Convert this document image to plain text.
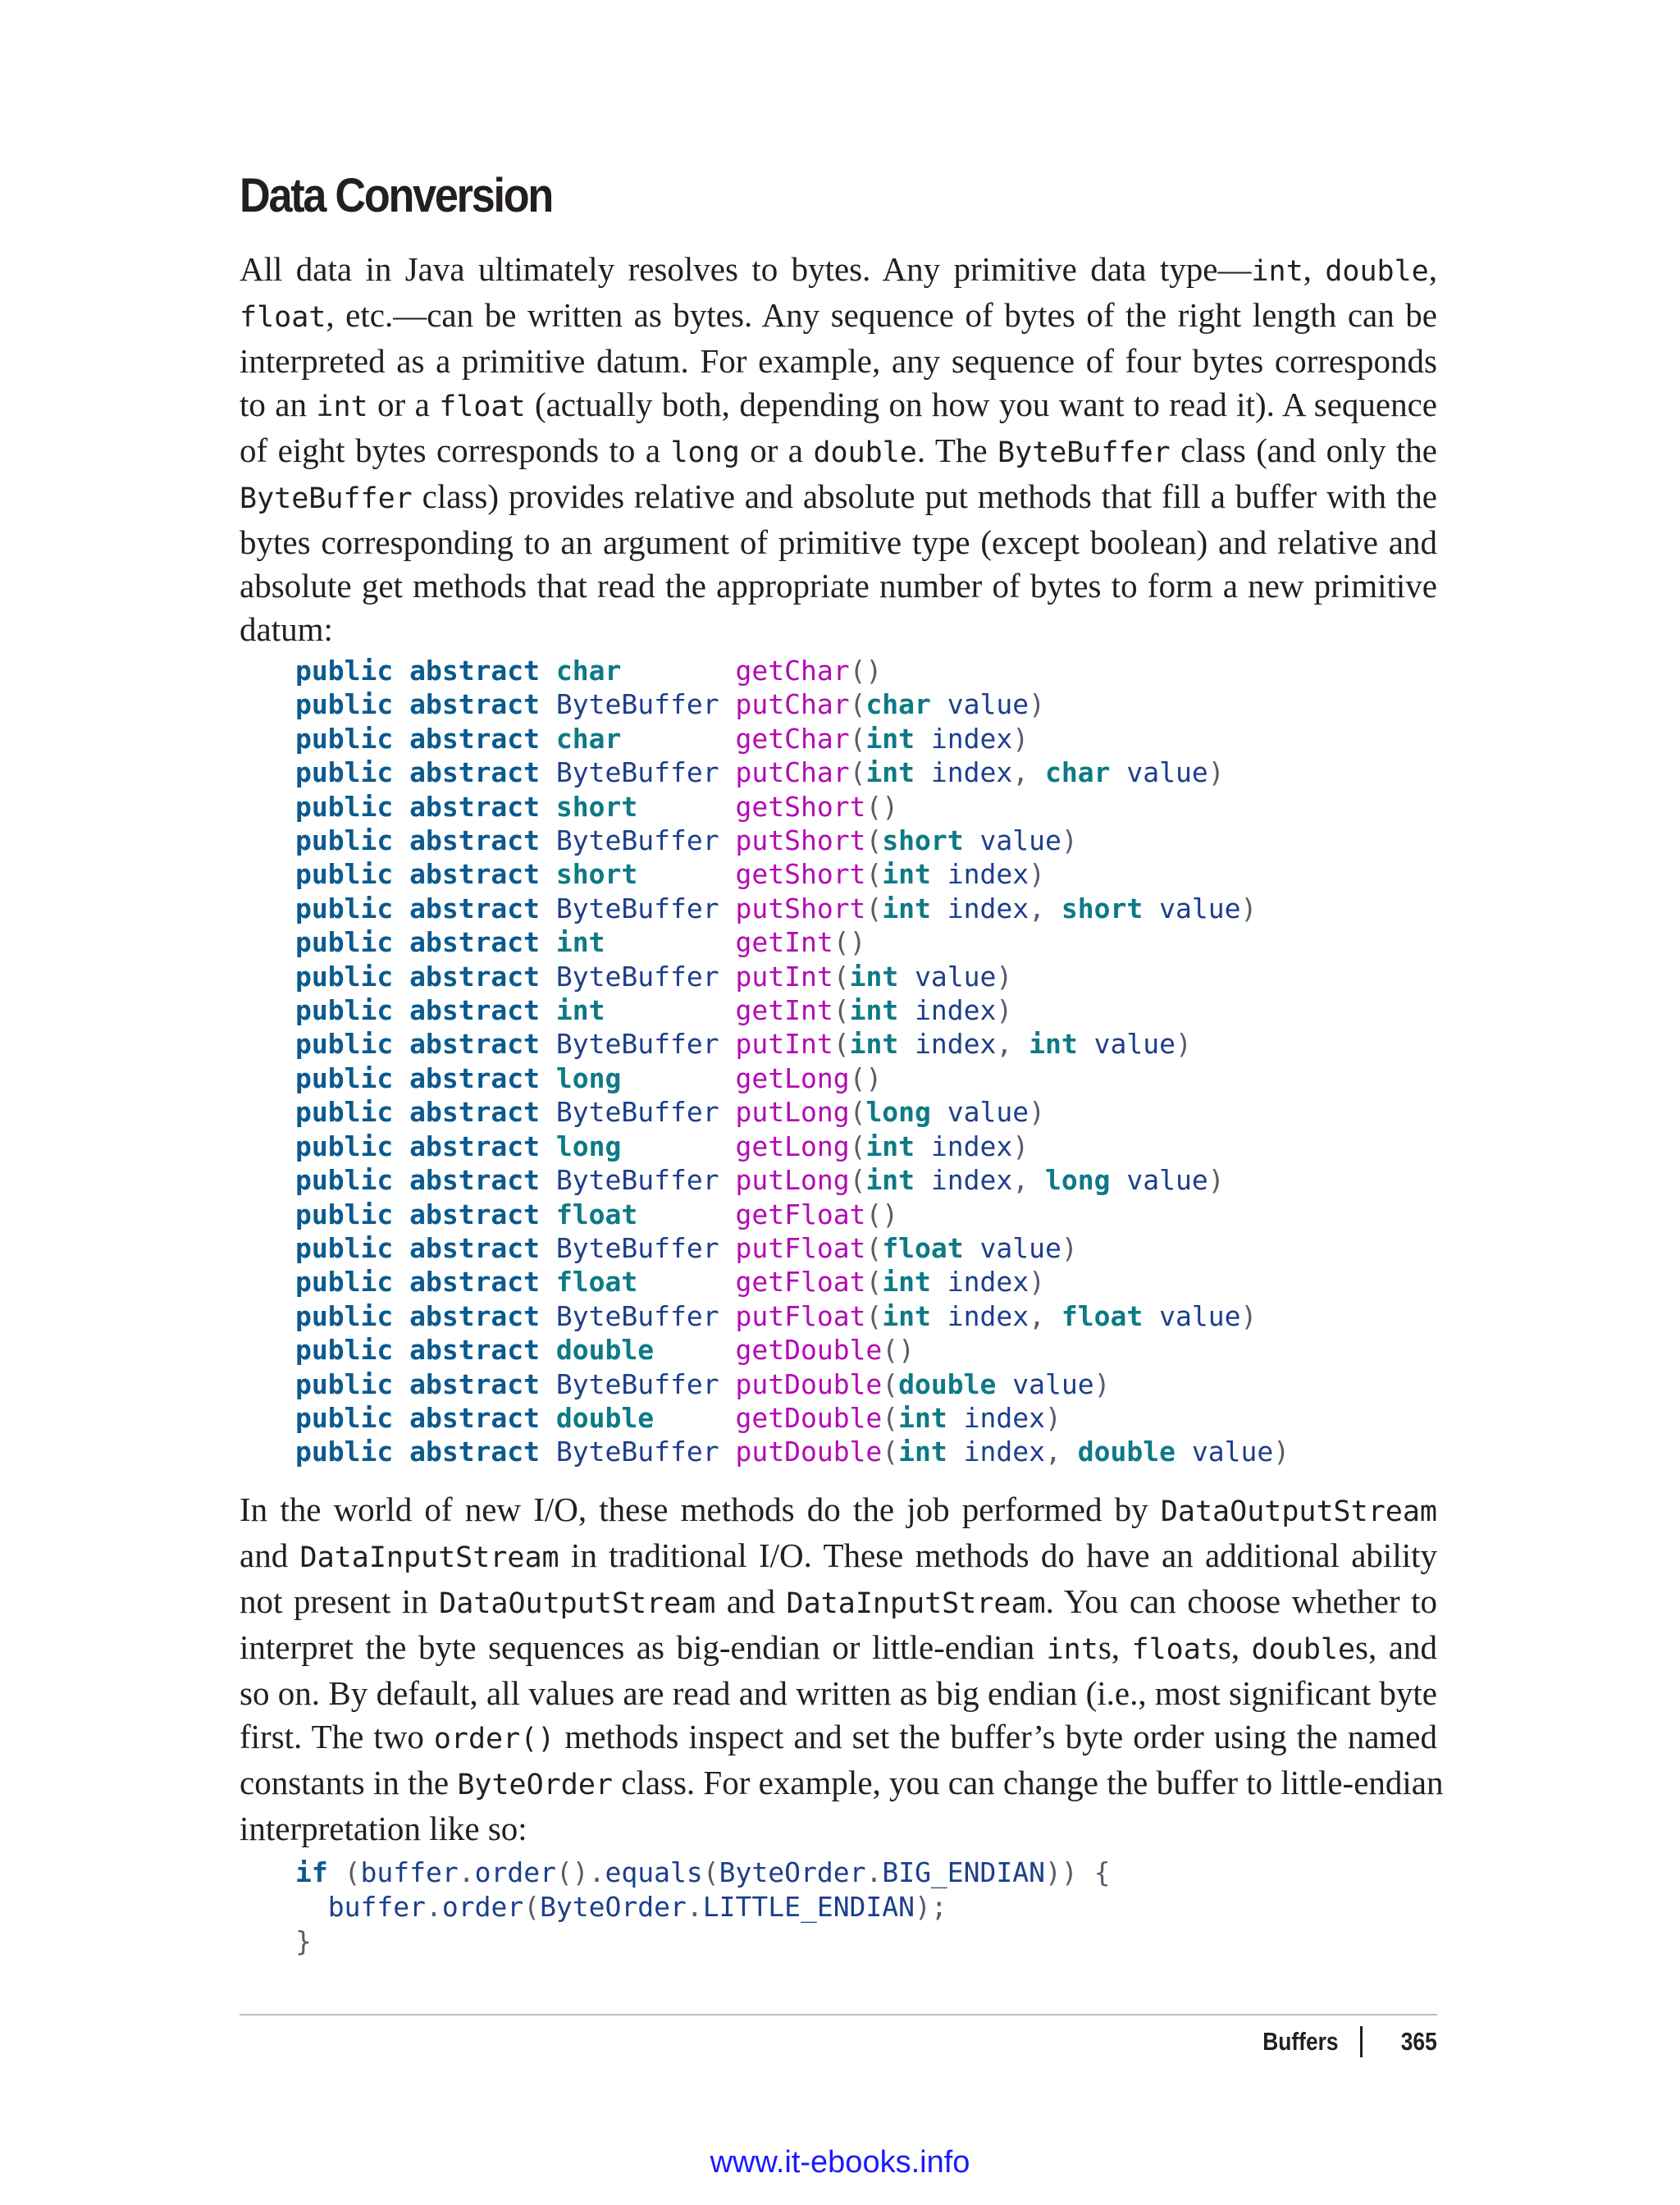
Data Conversion

All data in Java ultimately resolves to bytes. Any primitive data type—int, double,
float, etc.—can be written as bytes. Any sequence of bytes of the right length can be
interpreted as a primitive datum. For example, any sequence of four bytes corresponds
to an int or a float (actually both, depending on how you want to read it). A sequence
of eight bytes corresponds to a long or a double. The ByteBuffer class (and only the
ByteBuffer class) provides relative and absolute put methods that fill a buffer with the
bytes corresponding to an argument of primitive type (except boolean) and relative and
absolute get methods that read the appropriate number of bytes to form a new primitive
datum:

public abstract char	getChar()
public abstract ByteBuffer putChar(char value)
public abstract char	getChar(int index)
public abstract ByteBuffer putChar(int index, char value)
public abstract short	getShort()
public abstract ByteBuffer putShort(short value)
public abstract short	getShort(int index)
public abstract ByteBuffer putShort(int index, short value)
public abstract int	getInt()
public abstract ByteBuffer putInt(int value)
public abstract int	getInt(int index)
public abstract ByteBuffer putInt(int index, int value)
public abstract long	getLong()
public abstract ByteBuffer putLong(long value)
public abstract long	getLong(int index)
public abstract ByteBuffer putLong(int index, long value)
public abstract float	getFloat()
public abstract ByteBuffer putFloat(float value)
public abstract float	getFloat(int index)
public abstract ByteBuffer putFloat(int index, float value)
public abstract double	getDouble()
public abstract ByteBuffer putDouble(double value)
public abstract double	getDouble(int index)
public abstract ByteBuffer putDouble(int index, double value)

In the world of new I/O, these methods do the job performed by DataOutputStream
and DataInputStream in traditional I/O. These methods do have an additional ability
not present in DataOutputStream and DataInputStream. You can choose whether to
interpret the byte sequences as big-endian or little-endian ints, floats, doubles, and
so on. By default, all values are read and written as big endian (i.e., most significant byte
first. The two order() methods inspect and set the buffer’s byte order using the named
constants in the ByteOrder class. For example, you can change the buffer to little-endian
interpretation like so:

if (buffer.order().equals(ByteOrder.BIG_ENDIAN)) {
buffer.order(ByteOrder.LITTLE_ENDIAN);
}
Buffers 365
www.it-ebooks.info
